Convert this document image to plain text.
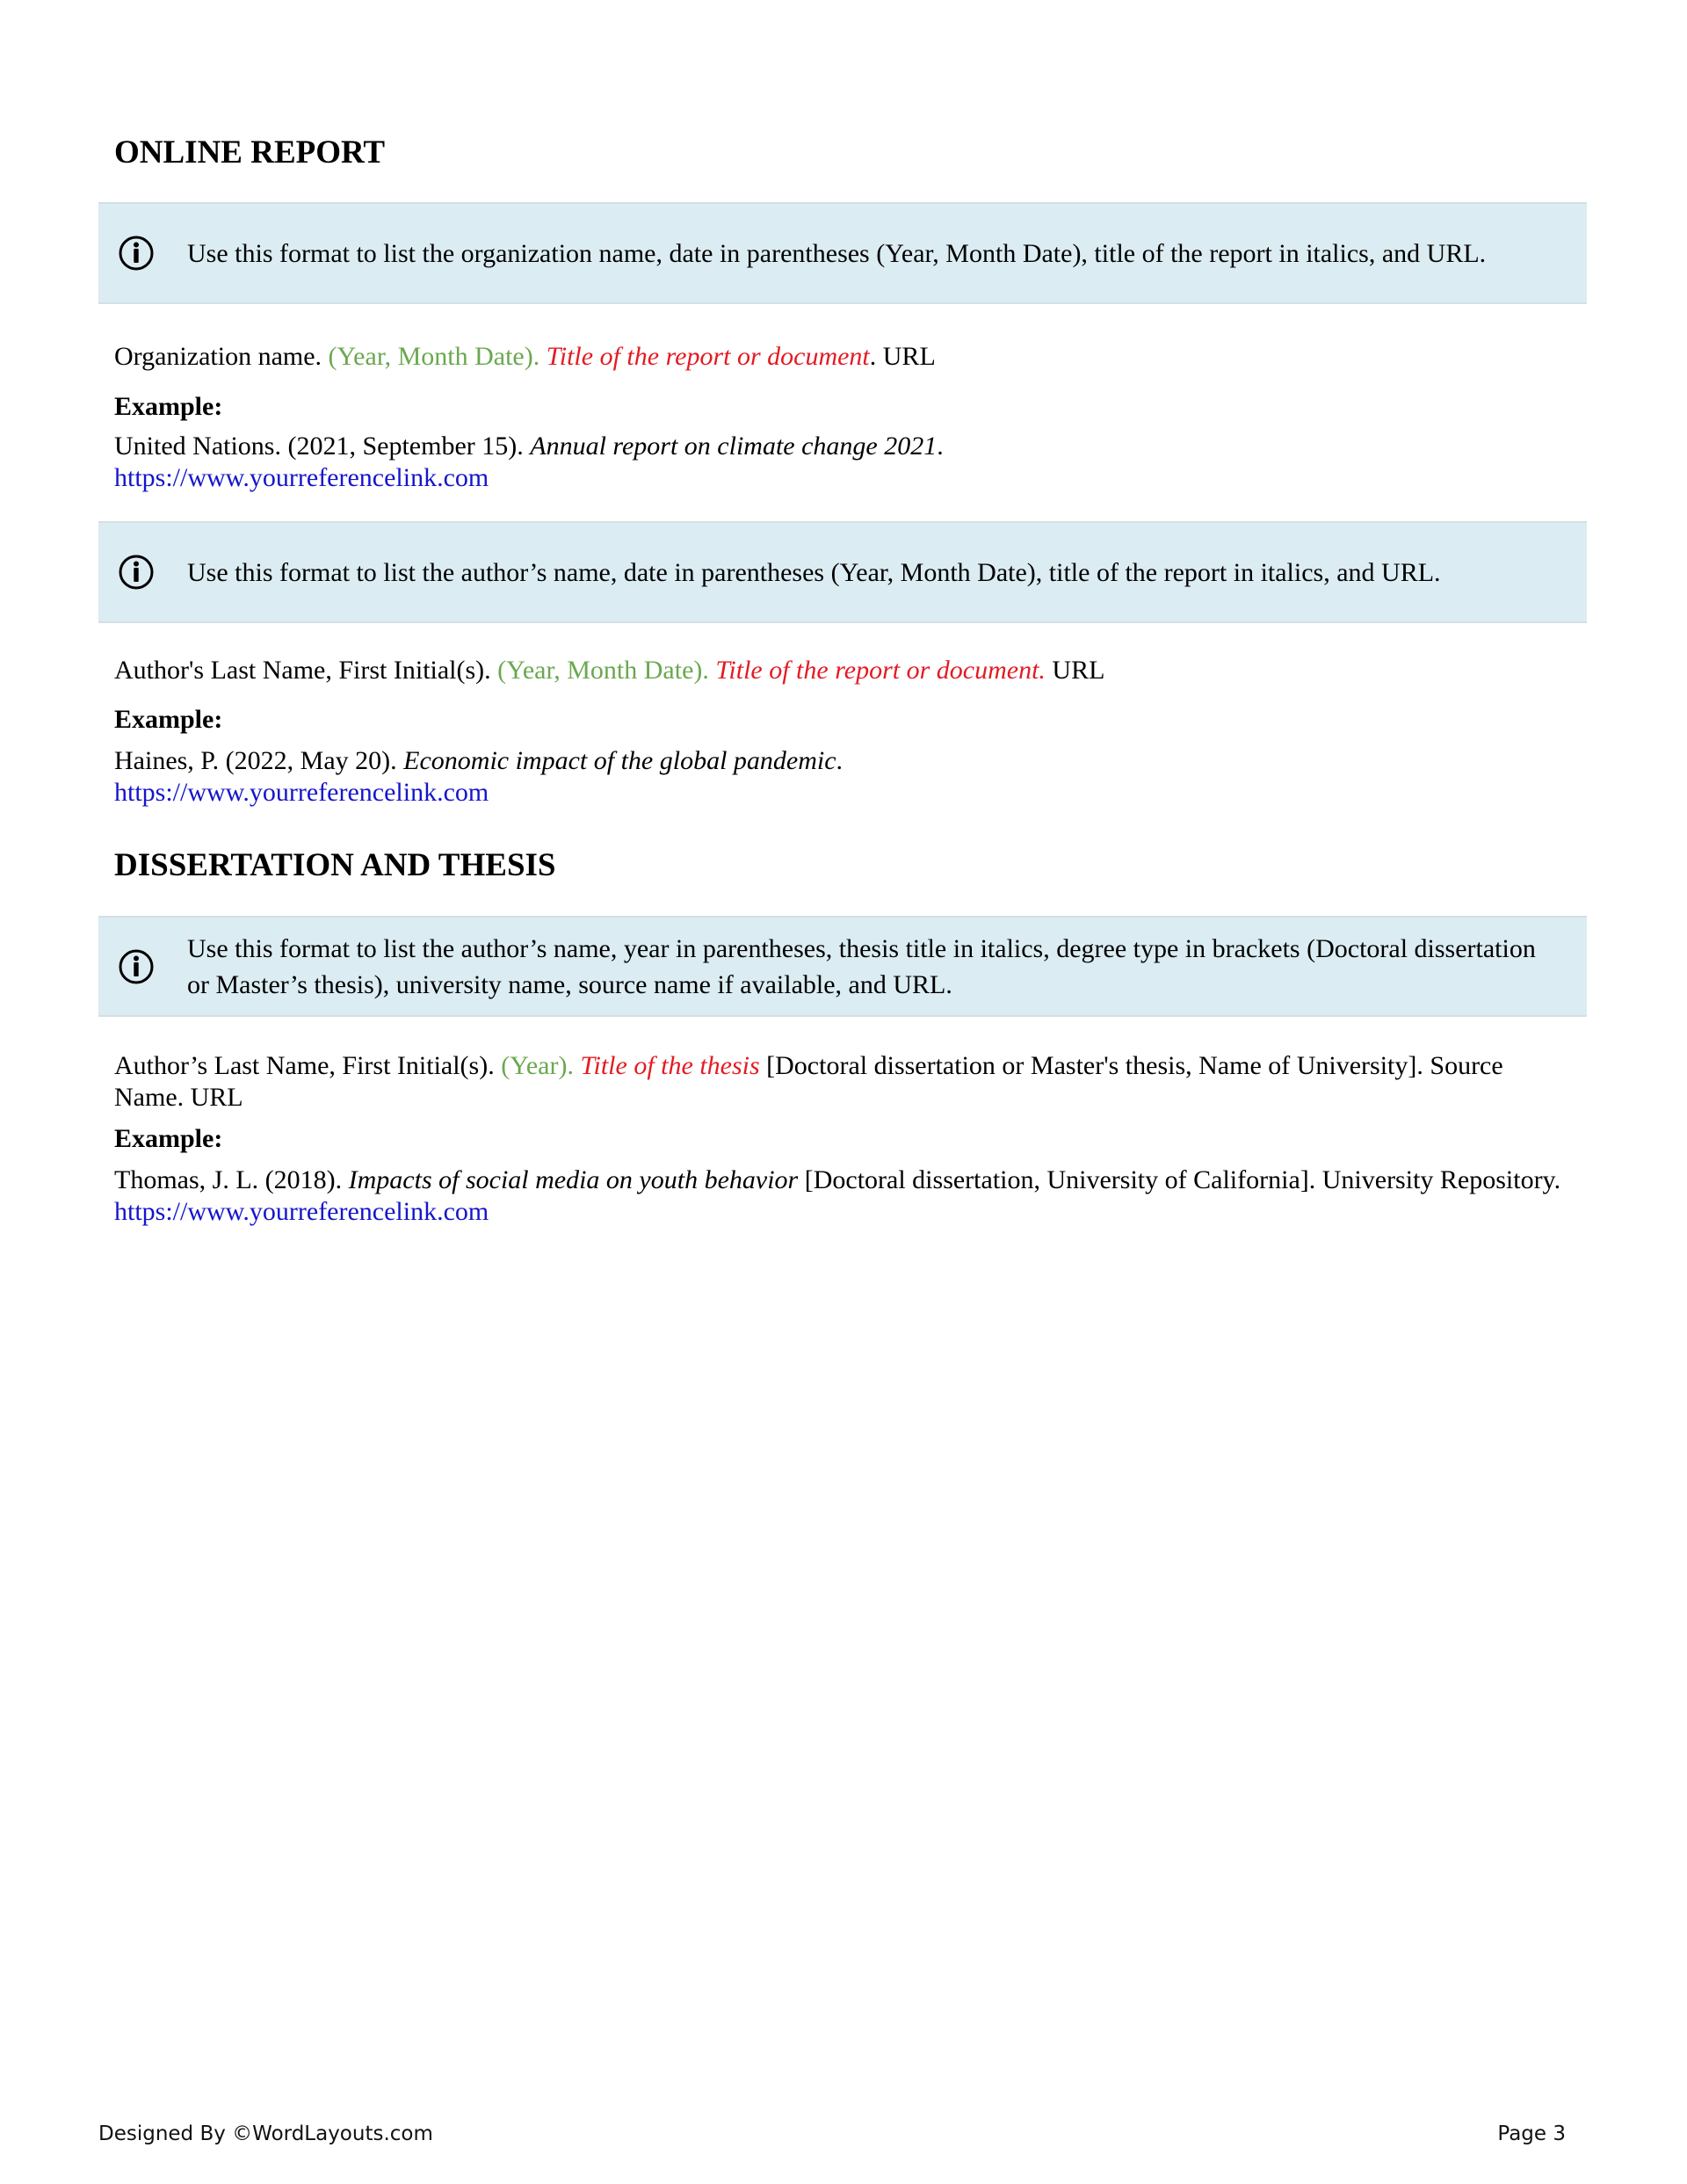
ONLINE REPORT
Use this format to list the organization name, date in parentheses (Year, Month Date), title of the report in italics, and URL.
Organization name. (Year, Month Date). Title of the report or document. URL
Example:
United Nations. (2021, September 15). Annual report on climate change 2021.
https://www.yourreferencelink.com
Use this format to list the author’s name, date in parentheses (Year, Month Date), title of the report in italics, and URL.
Author's Last Name, First Initial(s). (Year, Month Date). Title of the report or document. URL
Example:
Haines, P. (2022, May 20). Economic impact of the global pandemic.
https://www.yourreferencelink.com
DISSERTATION AND THESIS
Use this format to list the author’s name, year in parentheses, thesis title in italics, degree type in brackets (Doctoral dissertation or Master’s thesis), university name, source name if available, and URL.
Author’s Last Name, First Initial(s). (Year). Title of the thesis [Doctoral dissertation or Master's thesis, Name of University]. Source Name. URL
Example:
Thomas, J. L. (2018). Impacts of social media on youth behavior [Doctoral dissertation, University of California]. University Repository. https://www.yourreferencelink.com
Designed By ©WordLayouts.com	Page 3
